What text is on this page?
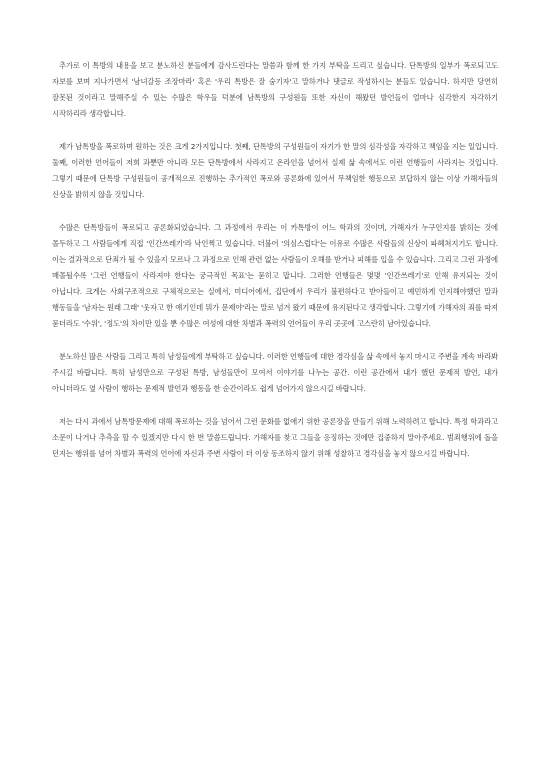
추가로 이 톡방의 내용을 보고 분노하신 분들에게 감사드린다는 말씀과 함께 한 가지 부탁을 드리고 싶습니다. 단톡방의 일부가 폭로되고도 자보를 보며 지나가면서 '남녀갈등 조장마라' 혹은 '우리 톡방은 잘 숨기자'고 말하거나 댓글로 작성하시는 분들도 있습니다. 하지만 당연히 잘못된 것이라고 말해주실 수 있는 수많은 학우들 덕분에 남톡방의 구성원들 또한 자신이 해왔던 발언들이 얼마나 심각한지 자각하기 시작하리라 생각합니다.

제가 남톡방을 폭로하며 원하는 것은 크게 2가지입니다. 첫째, 단톡방의 구성원들이 자기가 한 말의 심각성을 자각하고 책임을 지는 일입니다. 둘째, 이러한 언어들이 저희 과뿐만 아니라 모든 단톡방에서 사라지고 온라인을 넘어서 실제 삶 속에서도 이런 언행들이 사라지는 것입니다. 그렇기 때문에 단톡방 구성원들이 공개적으로 진행하는 추가적인 폭로와 공론화에 있어서 무책임한 행동으로 보답하지 않는 이상 가해자들의 신상을 밝히지 않을 것입니다.

수많은 단톡방들이 폭로되고 공론화되었습니다. 그 과정에서 우리는 이 카톡방이 어느 학과의 것이며, 가해자가 누구인지를 밝히는 것에 몰두하고 그 사람들에게 직접 '인간쓰레기'라 낙인찍고 있습니다. 더불어 '의심스럽다'는 이유로 수많은 사람들의 신상이 파헤쳐지기도 합니다. 이는 결과적으로 단죄가 될 수 있을지 모르나 그 과정으로 인해 관련 없는 사람들이 오해를 받거나 피해를 입을 수 있습니다. 그리고 그런 과정에 매몰될수록 '그런 언행들이 사라져야 한다는 궁극적인 목표'는 묻히고 맙니다. 그러한 언행들은 몇몇 '인간쓰레기'로 인해 유지되는 것이 아닙니다. 크게는 사회구조적으로 구체적으로는 실에서, 미디어에서, 집단에서 우리가 불편하다고 받아들이고 예민하게 인지해야했던 말과 행동들을 '남자는 원래 그래' '웃자고 한 얘기인데 뭐가 문제야'라는 말로 넘겨 왔기 때문에 유지된다고 생각합니다. 그렇기에 가해자의 죄를 따져 묻더라도 '수위', '정도'의 차이만 있을 뿐 수많은 여성에 대한 차별과 폭력의 언어들이 우리 곳곳에 고스란히 남아있습니다.

분노하신 많은 사람들 그리고 특히 남성들에게 부탁하고 싶습니다. 이러한 언행들에 대한 경각심을 삶 속에서 놓지 마시고 주변을 계속 바라봐 주시길 바랍니다. 특히 남성만으로 구성된 톡방, 남성들만이 모여서 이야기를 나누는 공간. 이런 공간에서 내가 했던 문제적 발언, 내가 아니더라도 옆 사람이 행하는 문제적 발언과 행동을 한 순간이라도 쉽게 넘어가지 않으시길 바랍니다.

저는 다시 과에서 남톡방문제에 대해 폭로하는 것을 넘어서 그런 문화를 없애기 위한 공론장을 만들기 위해 노력하려고 합니다. 특정 학과라고 소문이 나거나 추측을 할 수 있겠지만 다시 한 번 말씀드립니다. 가해자를 찾고 그들을 응징하는 것에만 집중하지 말아주세요. 범죄행위에 돌을 던지는 행위를 넘어 차별과 폭력의 언어에 자신과 주변 사람이 더 이상 동조하지 않기 위해 성찰하고 경각심을 놓지 않으시길 바랍니다.
